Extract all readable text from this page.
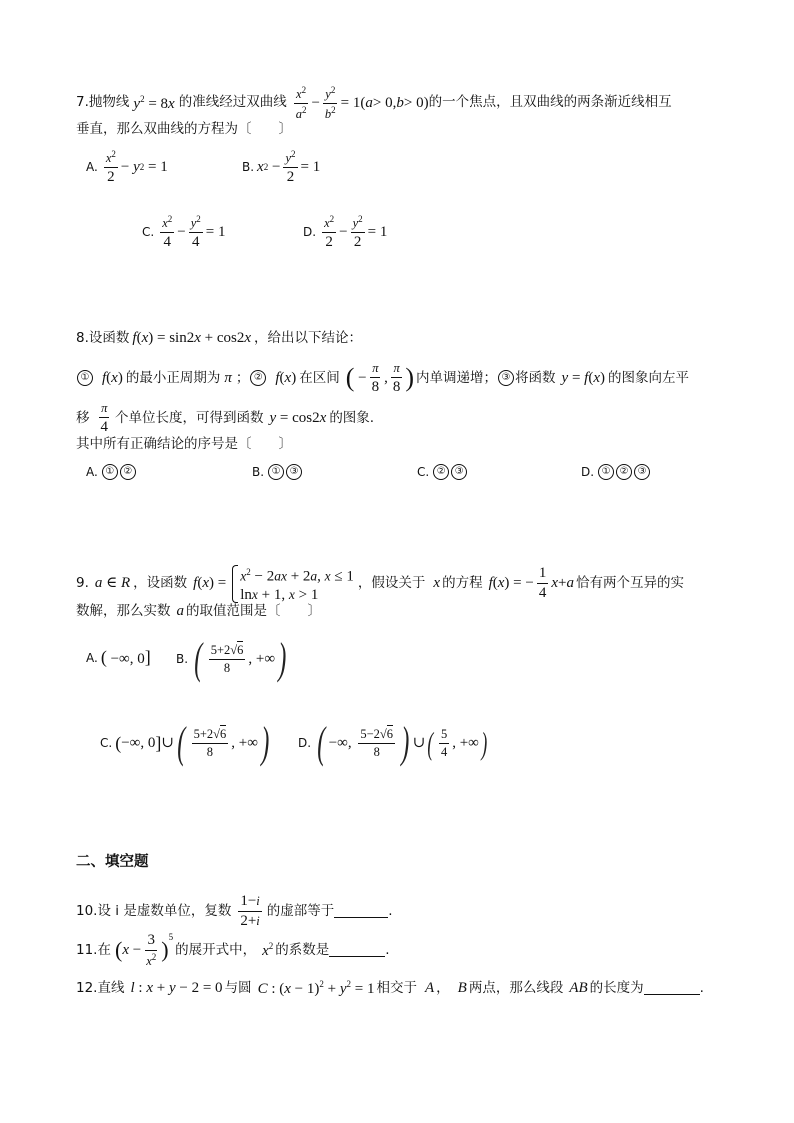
7. 抛物线 $y^2 = 8x$ 的准线经过双曲线 $\frac{x^2}{a^2} - \frac{y^2}{b^2} = 1$ ( a > 0, b > 0) 的一个焦点，且双曲线的两条渐近线相互
垂直，那么双曲线的方程为〔　　〕
A. $\frac{x^2}{2} - y$ 2 = 1	B. x $2 - \frac{y^2}{2} = 1$
C. $\frac{x^2}{4} - \frac{y^2}{4} = 1$	D. $\frac{x^2}{2} - \frac{y^2}{2} = 1$
8. 设函数 f(x) = sin2x + cos2x ，给出以下结论：
① f(x) 的最小正周期为 π ； ② f(x) 在区间 ( − $\frac{\pi}{8}$ , $\frac{\pi}{8}$ ) 内单调递增； ③ 将函数 y = f(x) 的图象向左平
移 $\frac{\pi}{4}$ 个单位长度，可得到函数 y = cos2x 的图象.
其中所有正确结论的序号是〔　　〕
A. ① ②	B. ① ③	C. ② ③	D. ① ② ③
9. a ∈ R ，设函数 $f(x) = x^2 - 2ax + 2a$, x ≤ 1
lnx + 1, x > 1
，假设关于 x 的方程 f ( x ) = − $\frac{1}{4}$ x + a 恰有两个互异的实
数解，那么实数 a 的取值范围是〔　　〕
A. ( −∞, 0] B. ( $\frac{5+2√6}{8}$ , +∞ )
C. ( −∞, 0 ] ∪ ( $\frac{5+2√6}{8}$ , +∞ ) D. ( −∞, $\frac{5-2√6}{8}$ ) ∪ ( $\frac{5}{4}$ , +∞ )
二、填空题
10. 设 i 是虚数单位，复数 $\frac{1-i}{2+i}$ 的虚部等于	.
11. 在 ( $x - \frac{3}{x^2}$ )
5
的展开式中， $x^2$ 的系数是	.
12. 直线 l : x + y − 2 = 0 与圆 C : $(x - 1)^2 + y^2 = 1$ 相交于 A ， B 两点，那么线段 AB 的长度为	.
